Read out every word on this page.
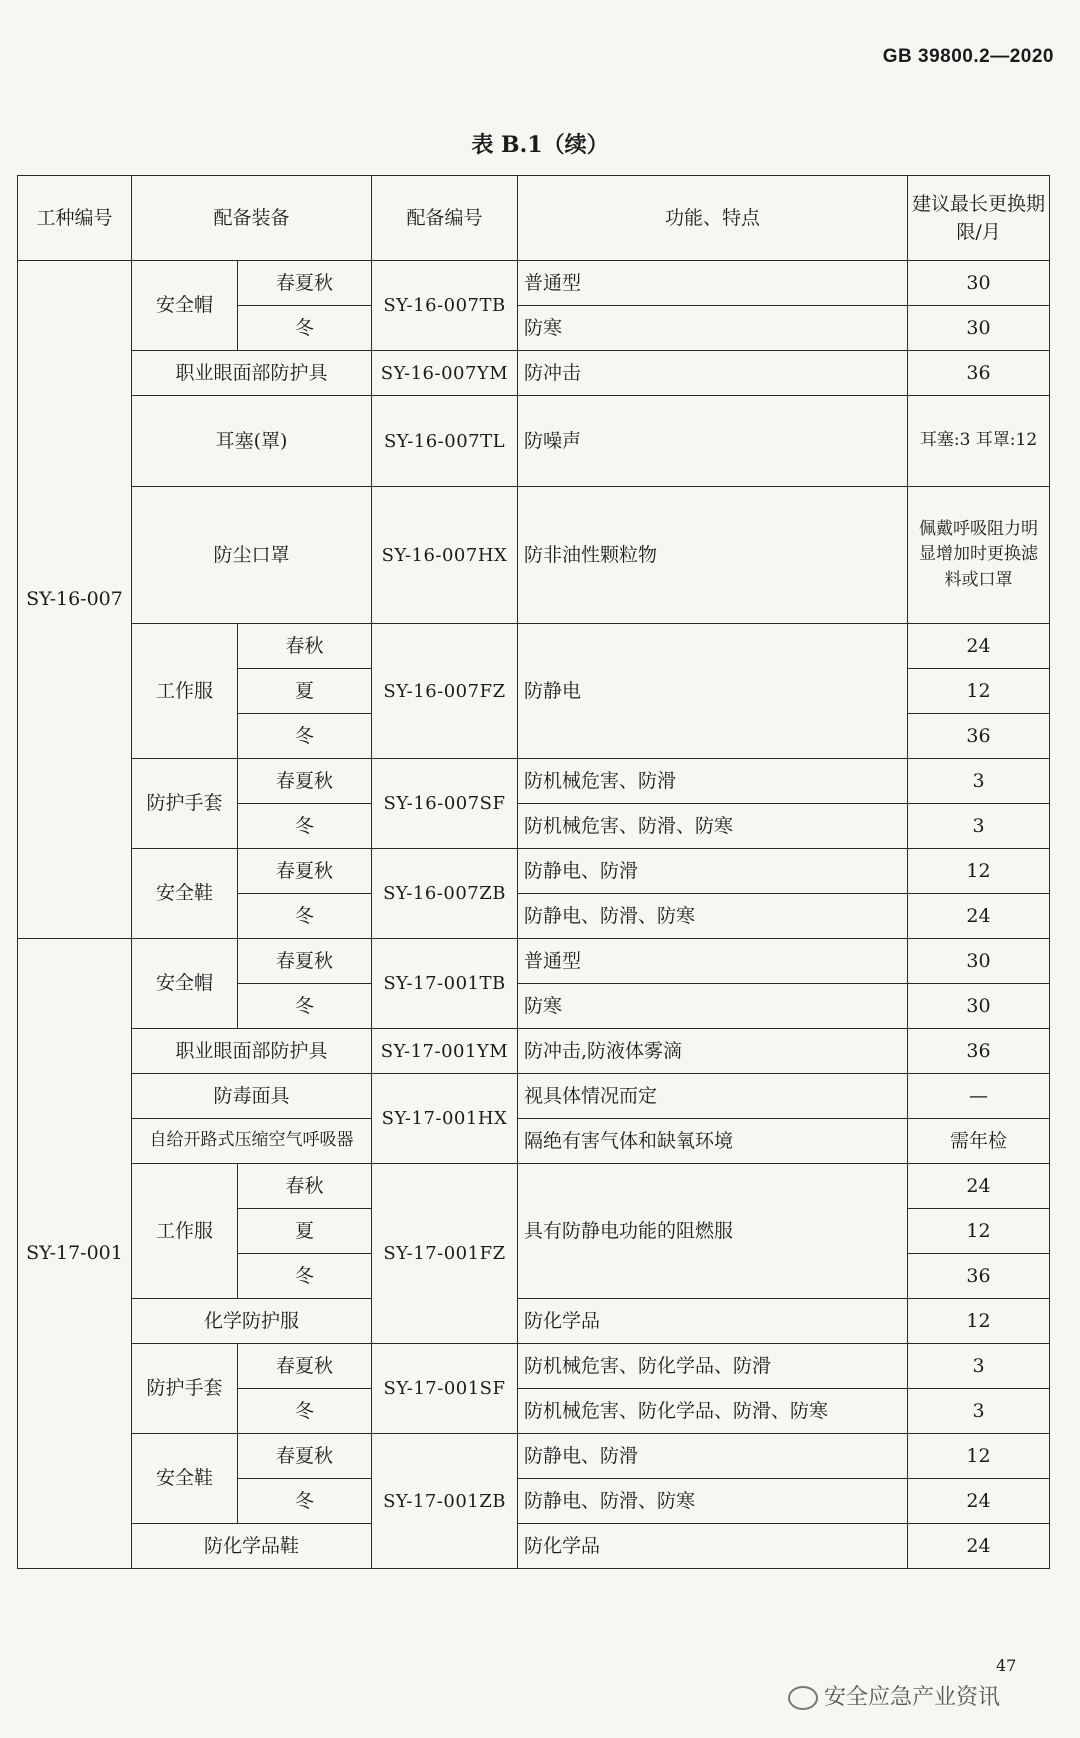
GB 39800.2—2020
表 B.1（续）
工种编号	配备装备		配备编号	功能、特点	建议最长更换期限/月
SY-16-007	安全帽	春夏秋	SY-16-007TB	普通型	30
		冬		防寒	30
	职业眼面部防护具		SY-16-007YM	防冲击	36
	耳塞(罩)		SY-16-007TL	防噪声	耳塞:3 耳罩:12
	防尘口罩		SY-16-007HX	防非油性颗粒物	佩戴呼吸阻力明显增加时更换滤料或口罩
	工作服	春秋	SY-16-007FZ	防静电	24
		夏			12
		冬			36
	防护手套	春夏秋	SY-16-007SF	防机械危害、防滑	3
		冬		防机械危害、防滑、防寒	3
	安全鞋	春夏秋	SY-16-007ZB	防静电、防滑	12
		冬		防静电、防滑、防寒	24
SY-17-001	安全帽	春夏秋	SY-17-001TB	普通型	30
		冬		防寒	30
	职业眼面部防护具		SY-17-001YM	防冲击,防液体雾滴	36
	防毒面具		SY-17-001HX	视具体情况而定	—
	自给开路式压缩空气呼吸器			隔绝有害气体和缺氧环境	需年检
	工作服	春秋	SY-17-001FZ	具有防静电功能的阻燃服	24
		夏			12
		冬			36
	化学防护服			防化学品	12
	防护手套	春夏秋	SY-17-001SF	防机械危害、防化学品、防滑	3
		冬		防机械危害、防化学品、防滑、防寒	3
	安全鞋	春夏秋	SY-17-001ZB	防静电、防滑	12
		冬		防静电、防滑、防寒	24
	防化学品鞋			防化学品	24
47
安全应急产业资讯
